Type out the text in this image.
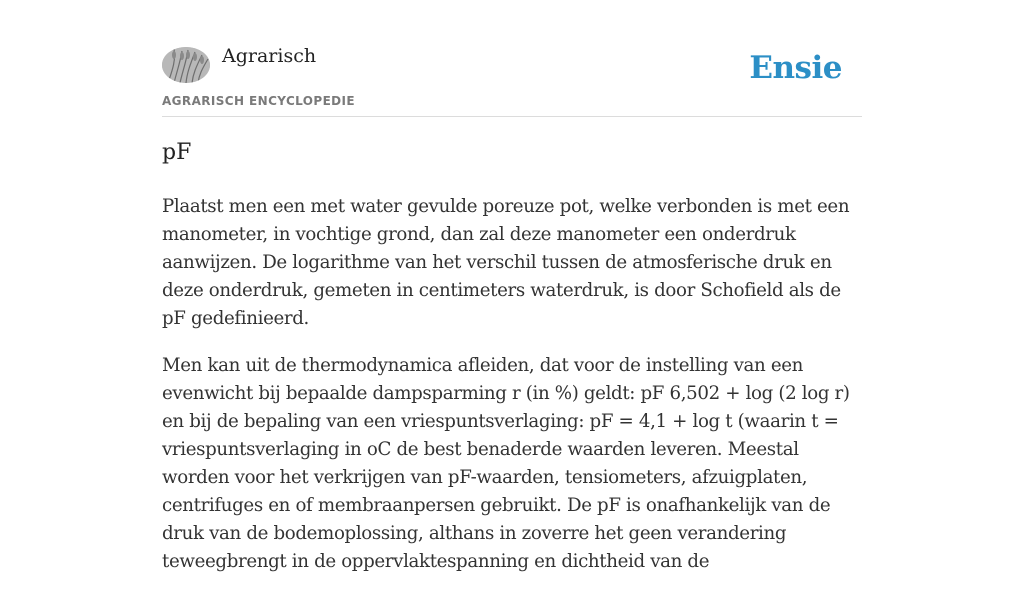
Agrarisch
AGRARISCH ENCYCLOPEDIE
Ensie
pF

Plaatst men een met water gevulde poreuze pot, welke verbonden is met een manometer, in vochtige grond, dan zal deze manometer een onderdruk aanwijzen. De logarithme van het verschil tussen de atmosferische druk en deze onderdruk, gemeten in centimeters waterdruk, is door Schofield als de pF gedefinieerd.

Men kan uit de thermodynamica afleiden, dat voor de instelling van een evenwicht bij bepaalde dampsparming r (in %) geldt: pF 6,502 + log (2 log r) en bij de bepaling van een vriespuntsverlaging: pF = 4,1 + log t (waarin t = vriespuntsverlaging in oC de best benaderde waarden leveren. Meestal worden voor het verkrijgen van pF-waarden, tensiometers, afzuigplaten, centrifuges en of membraanpersen gebruikt. De pF is onafhankelijk van de druk van de bodemoplossing, althans in zoverre het geen verandering teweegbrengt in de oppervlaktespanning en dichtheid van de
